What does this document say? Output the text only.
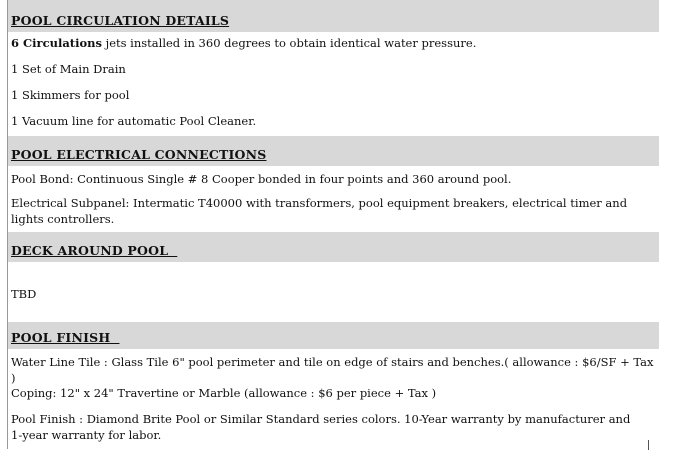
POOL CIRCULATION DETAILS
6 Circulations jets installed in 360 degrees to obtain identical water pressure.
1 Set of Main Drain
1 Skimmers for pool
1 Vacuum line for automatic Pool Cleaner.
POOL ELECTRICAL CONNECTIONS
Pool Bond: Continuous Single # 8 Cooper bonded in four points and 360 around pool.
Electrical Subpanel: Intermatic T40000 with transformers, pool equipment breakers, electrical timer and lights controllers.
DECK AROUND POOL
TBD
POOL FINISH
Water Line Tile : Glass Tile 6" pool perimeter and tile on edge of stairs and benches.( allowance : $6/SF + Tax )
Coping: 12" x 24" Travertine or Marble (allowance : $6 per piece + Tax )
Pool Finish : Diamond Brite Pool or Similar Standard series colors. 10-Year warranty by manufacturer and 1-year warranty for labor.
